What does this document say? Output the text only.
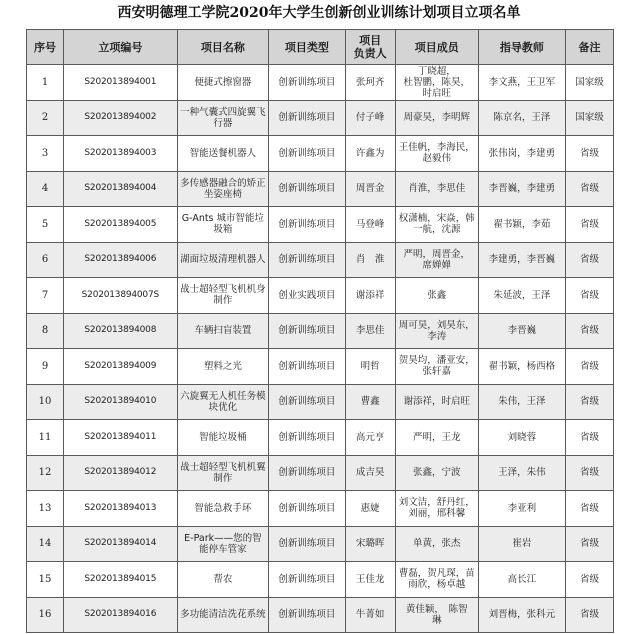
西安明德理工学院2020年大学生创新创业训练计划项目立项名单
序号	立项编号	项目名称	项目类型	项目
负责人	项目成员	指导教师	备注
1	S202013894001	便捷式擦窗器	创新训练项目	张珂齐	丁晓超，
杜智鹏，陈昊，
时启旺	李文燕，王卫军	国家级
2	S202013894002	一种气囊式四旋翼飞行器	创新训练项目	付子峰	周豪昊，李明辉	陈京名，王泽	国家级
3	S202013894003	智能送餐机器人	创新训练项目	许鑫为	王佳帆，李海民，
赵毅伟	张伟岗，李建勇	省级
4	S202013894004	多传感器融合的矫正坐姿座椅	创新训练项目	周晋金	肖淮，李思佳	李晋巍，李建勇	省级
5	S202013894005	G-Ants 城市智能垃圾箱	创新训练项目	马登峰	权潇楠，宋焱，韩
一航，沈源	翟书颖，李茹	省级
6	S202013894006	湖面垃圾清理机器人	创新训练项目	肖　淮	严明，周晋金，
席婵婵	李建勇，李晋巍	省级
7	S202013894007S	战士超轻型飞机机身制作	创业实践项目	谢添祥	张鑫	朱延波，王泽	省级
8	S202013894008	车辆扫盲装置	创新训练项目	李思佳	周可昊，刘昊东，
李涛	李晋巍	省级
9	S202013894009	塑料之光	创新训练项目	明哲	贺昊均，潘亚安，
张轩嘉	翟书颖，杨西格	省级
10	S202013894010	六旋翼无人机任务模块优化	创新训练项目	曹鑫	谢添祥，时启旺	朱伟，王泽	省级
11	S202013894011	智能垃圾桶	创新训练项目	高元亨	严明，王龙	刘晓蓉	省级
12	S202013894012	战士超轻型飞机机翼制作	创新训练项目	成吉昊	张鑫，宁波	王泽，朱伟	省级
13	S202013894013	智能急救手环	创新训练项目	惠婕	刘文洁，舒丹红，
刘丽，邢科馨	李亚利	省级
14	S202013894014	E-Park——您的智能停车管家	创新训练项目	宋璐晖	单黄，张杰	崔岩	省级
15	S202013894015	帮农	创新训练项目	王佳龙	曹磊，贺凡琛，苗
雨欣，杨卓越	高长江	省级
16	S202013894016	多功能清洁洗花系统	创新训练项目	牛菁如	黄佳颖，　陈智
琳	刘晋梅，张科元	省级
